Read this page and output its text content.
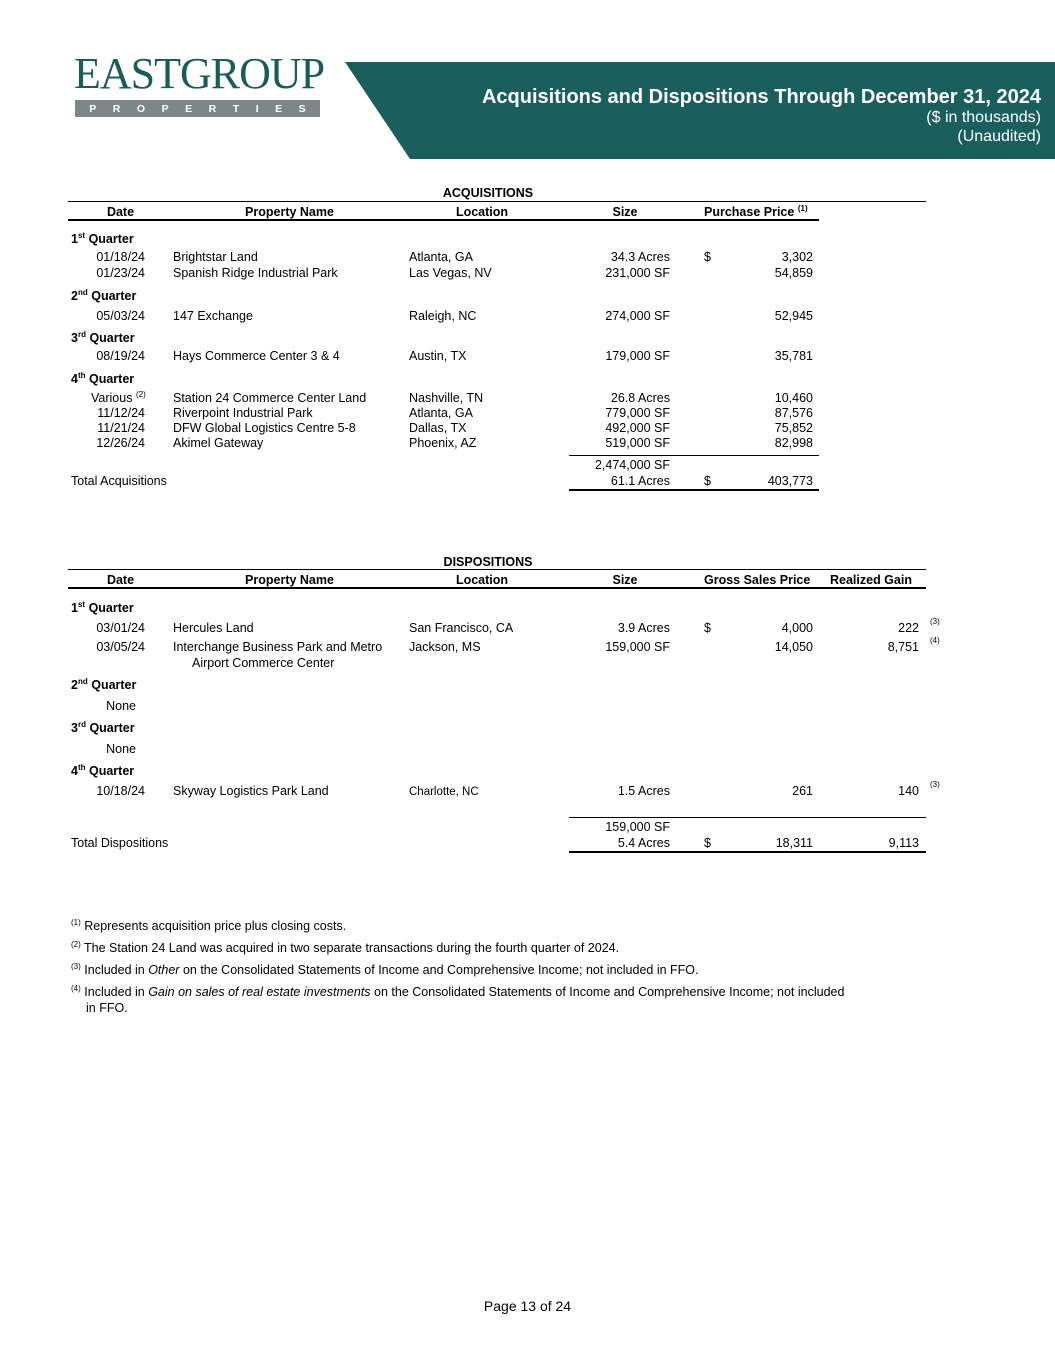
EASTGROUP
P R O P E R T I E S
Acquisitions and Dispositions Through December 31, 2024
($ in thousands)
(Unaudited)
ACQUISITIONS
Date	Property Name	Location	Size	Purchase Price $^{(1)}$
1st Quarter
01/18/24 Brightstar Land	Atlanta, GA	34.3 Acres	$	3,302
01/23/24 Spanish Ridge Industrial Park	Las Vegas, NV	231,000 SF	54,859
2nd Quarter
05/03/24 147 Exchange	Raleigh, NC	274,000 SF	52,945
3rd Quarter
08/19/24 Hays Commerce Center 3 & 4	Austin, TX	179,000 SF	35,781
4th Quarter
Various $^{(2)}$ Station 24 Commerce Center Land	Nashville, TN	26.8 Acres	10,460
11/12/24 Riverpoint Industrial Park	Atlanta, GA	779,000 SF	87,576
11/21/24 DFW Global Logistics Centre 5-8	Dallas, TX	492,000 SF	75,852
12/26/24 Akimel Gateway	Phoenix, AZ	519,000 SF	82,998
2,474,000 SF
Total Acquisitions	61.1 Acres	$	403,773
DISPOSITIONS
Date	Property Name	Location	Size	Gross Sales Price Realized Gain
1st Quarter
03/01/24 Hercules Land	San Francisco, CA	3.9 Acres	$	4,000	222 (3)
03/05/24 Interchange Business Park and Metro
Airport Commerce Center
Jackson, MS	159,000 SF	14,050	8,751 (4)
2nd Quarter
None
3rd Quarter
None
4th Quarter
10/18/24 Skyway Logistics Park Land	Charlotte, NC	1.5 Acres	261	140 (3)
159,000 SF
Total Dispositions	5.4 Acres	$	18,311	9,113
$^{(1)}$ Represents acquisition price plus closing costs.
$^{(2)}$ The Station 24 Land was acquired in two separate transactions during the fourth quarter of 2024.
$^{(3)}$ Included in Other on the Consolidated Statements of Income and Comprehensive Income; not included in FFO.
$^{(4)}$ Included in Gain on sales of real estate investments on the Consolidated Statements of Income and Comprehensive Income; not included
in FFO.
Page 13 of 24
